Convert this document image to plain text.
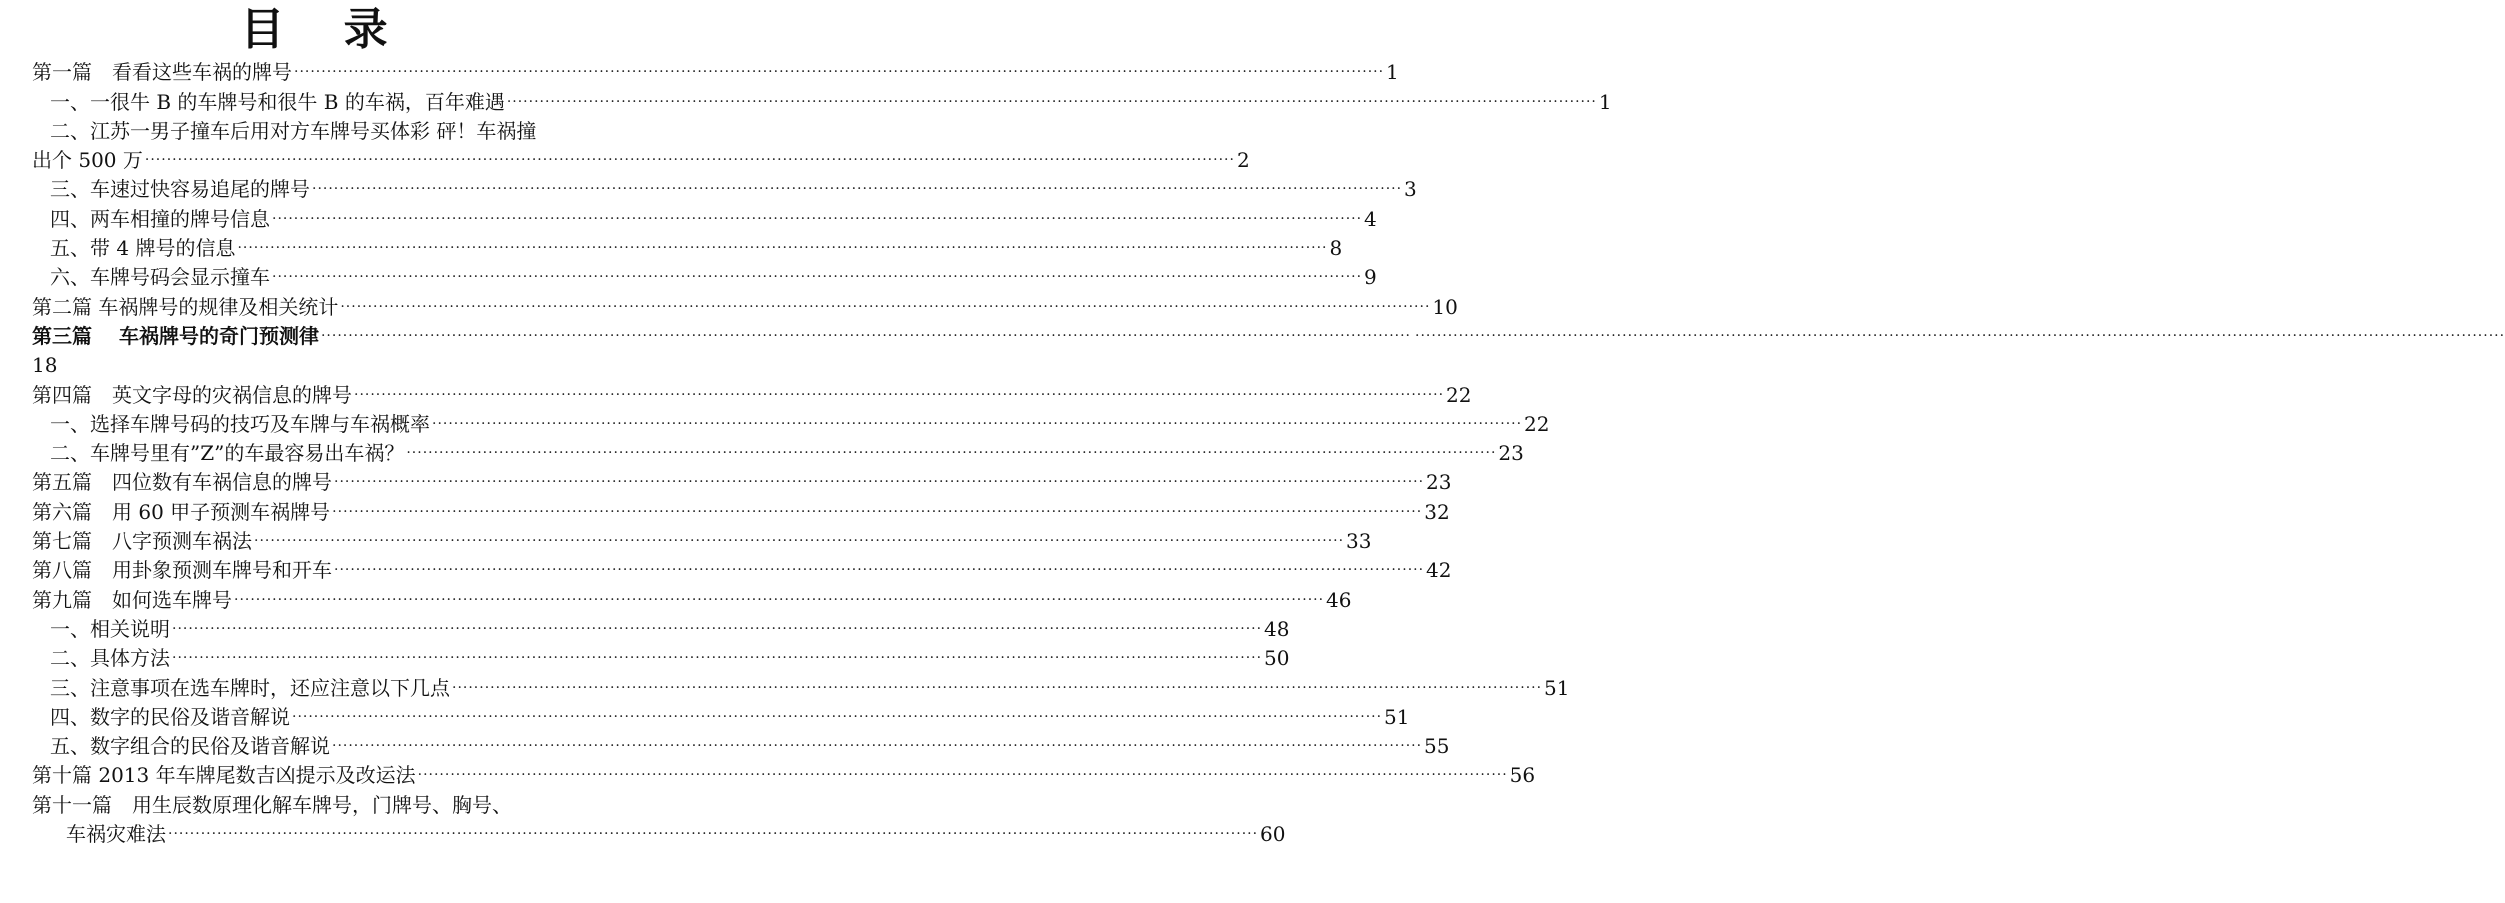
目 录
第一篇　看看这些车祸的牌号 ········································································································································································································ 1
一、一很牛 B 的车牌号和很牛 B 的车祸，百年难遇 ········································································································································································································ 1
二、江苏一男子撞车后用对方车牌号买体彩 砰！车祸撞
出个 500 万 ········································································································································································································ 2
三、车速过快容易追尾的牌号 ········································································································································································································ 3
四、两车相撞的牌号信息 ········································································································································································································ 4
五、带 4 牌号的信息 ········································································································································································································ 8
六、车牌号码会显示撞车 ········································································································································································································ 9
第二篇 车祸牌号的规律及相关统计 ········································································································································································································ 10
第三篇　 车祸牌号的奇门预测律 ········································································································································································································ ········································································································································································································
18
第四篇　英文字母的灾祸信息的牌号 ········································································································································································································ 22
一、选择车牌号码的技巧及车牌与车祸概率 ········································································································································································································ 22
二、车牌号里有”Z”的车最容易出车祸？ ········································································································································································································ 23
第五篇　四位数有车祸信息的牌号 ········································································································································································································ 23
第六篇　用 60 甲子预测车祸牌号 ········································································································································································································ 32
第七篇　八字预测车祸法 ········································································································································································································ 33
第八篇　用卦象预测车牌号和开车 ········································································································································································································ 42
第九篇　如何选车牌号 ········································································································································································································ 46
一、相关说明 ········································································································································································································ 48
二、具体方法 ········································································································································································································ 50
三、注意事项在选车牌时，还应注意以下几点 ········································································································································································································ 51
四、数字的民俗及谐音解说 ········································································································································································································ 51
五、数字组合的民俗及谐音解说 ········································································································································································································ 55
第十篇 2013 年车牌尾数吉凶提示及改运法 ········································································································································································································ 56
第十一篇　用生辰数原理化解车牌号，门牌号、胸号、
车祸灾难法 ········································································································································································································ 60
